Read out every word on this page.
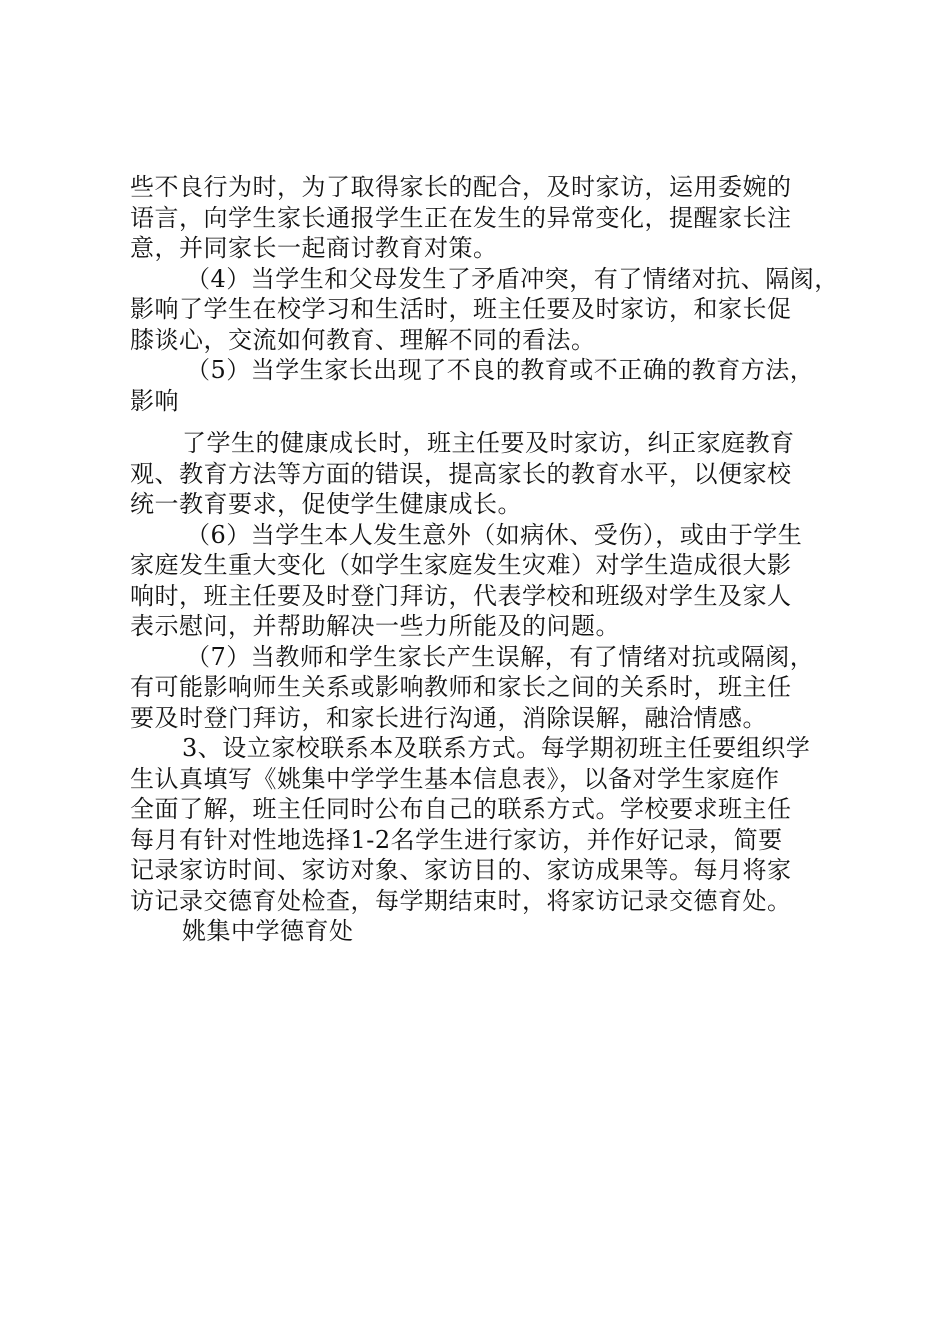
些不良行为时，为了取得家长的配合，及时家访，运用委婉的
语言，向学生家长通报学生正在发生的异常变化，提醒家长注
意，并同家长一起商讨教育对策。
（4）当学生和父母发生了矛盾冲突，有了情绪对抗、隔阂，
影响了学生在校学习和生活时，班主任要及时家访，和家长促
膝谈心，交流如何教育、理解不同的看法。
（5）当学生家长出现了不良的教育或不正确的教育方法，
影响
了学生的健康成长时，班主任要及时家访，纠正家庭教育
观、教育方法等方面的错误，提高家长的教育水平，以便家校
统一教育要求，促使学生健康成长。
（6）当学生本人发生意外（如病休、受伤），或由于学生
家庭发生重大变化（如学生家庭发生灾难）对学生造成很大影
响时，班主任要及时登门拜访，代表学校和班级对学生及家人
表示慰问，并帮助解决一些力所能及的问题。
（7）当教师和学生家长产生误解，有了情绪对抗或隔阂，
有可能影响师生关系或影响教师和家长之间的关系时，班主任
要及时登门拜访，和家长进行沟通，消除误解，融洽情感。
3、设立家校联系本及联系方式。每学期初班主任要组织学
生认真填写《姚集中学学生基本信息表》，以备对学生家庭作
全面了解，班主任同时公布自己的联系方式。学校要求班主任
每月有针对性地选择1-2名学生进行家访，并作好记录，简要
记录家访时间、家访对象、家访目的、家访成果等。每月将家
访记录交德育处检查，每学期结束时，将家访记录交德育处。
姚集中学德育处
